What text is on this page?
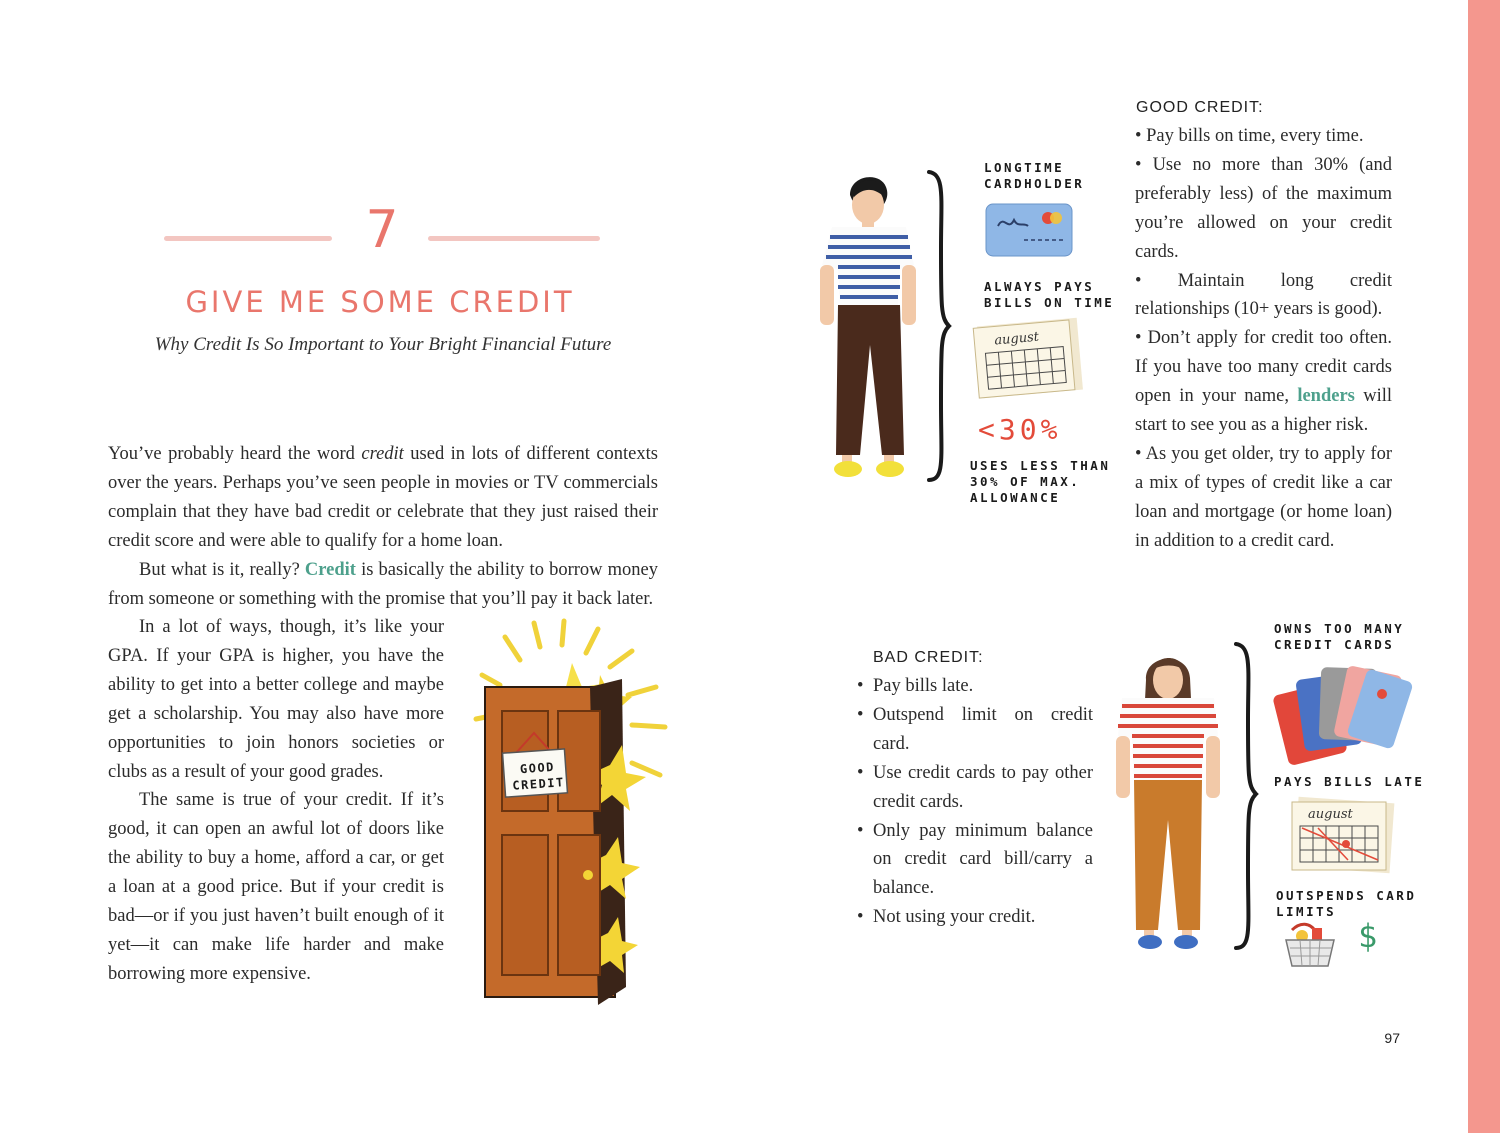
7
GIVE ME SOME CREDIT
Why Credit Is So Important to Your Bright Financial Future

You’ve probably heard the word credit used in lots of different contexts over the years. Perhaps you’ve seen people in movies or TV commercials complain that they have bad credit or celebrate that they just raised their credit score and were able to qualify for a home loan.

But what is it, really? Credit is basically the ability to borrow money from someone or something with the promise that you’ll pay it back later.

In a lot of ways, though, it’s like your GPA. If your GPA is higher, you have the ability to get into a better college and maybe get a scholarship. You may also have more opportunities to join honors societies or clubs as a result of your good grades.

The same is true of your credit. If it’s good, it can open an awful lot of doors like the ability to buy a home, afford a car, or get a loan at a good price. But if your credit is bad—or if you just haven’t built enough of it yet—it can make life harder and make borrowing more expensive.

GOOD
CREDIT
LONGTIME CARDHOLDER
ALWAYS PAYS BILLS ON TIME
august
<30%
USES LESS THAN 30% OF MAX. ALLOWANCE
GOOD CREDIT:
• Pay bills on time, every time.
• Use no more than 30% (and preferably less) of the maximum you’re allowed on your credit cards.
• Maintain long credit relationships (10+ years is good).
• Don’t apply for credit too often. If you have too many credit cards open in your name, lenders will start to see you as a higher risk.
• As you get older, try to apply for a mix of types of credit like a car loan and mortgage (or home loan) in addition to a credit card.
BAD CREDIT:
• Pay bills late.
• Outspend limit on credit card.
• Use credit cards to pay other credit cards.
• Only pay minimum balance on credit card bill/carry a balance.
• Not using your credit.
OWNS TOO MANY CREDIT CARDS
PAYS BILLS LATE
august
OUTSPENDS CARD LIMITS
$
97
